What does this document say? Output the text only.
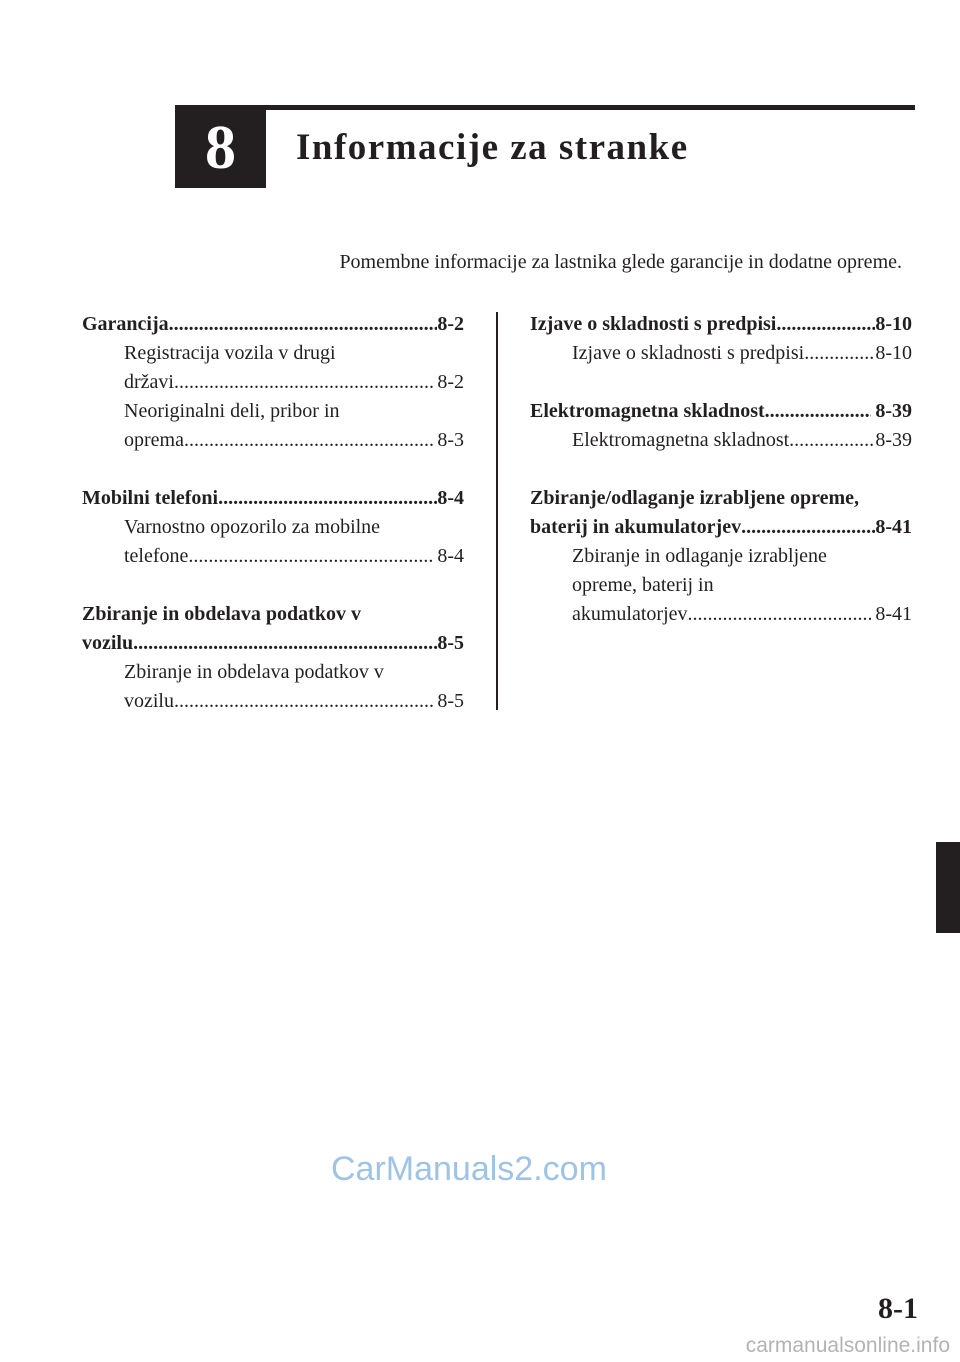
8 Informacije za stranke
Pomembne informacije za lastnika glede garancije in dodatne opreme.
Garancija .....	8-2
Registracija vozila v drugi
državi .....	8-2
Neoriginalni deli, pribor in
oprema .....	8-3
Mobilni telefoni .....	8-4
Varnostno opozorilo za mobilne
telefone .....	8-4
Zbiranje in obdelava podatkov v
vozilu .....	8-5
Zbiranje in obdelava podatkov v
vozilu .....	8-5
Izjave o skladnosti s predpisi .....	8-10
Izjave o skladnosti s predpisi .....	8-10
Elektromagnetna skladnost .....	8-39
Elektromagnetna skladnost .....	8-39
Zbiranje/odlaganje izrabljene opreme,
baterij in akumulatorjev .....	8-41
Zbiranje in odlaganje izrabljene
opreme, baterij in
akumulatorjev .....	8-41
CarManuals2.com
8-1
carmanualsonline.info
